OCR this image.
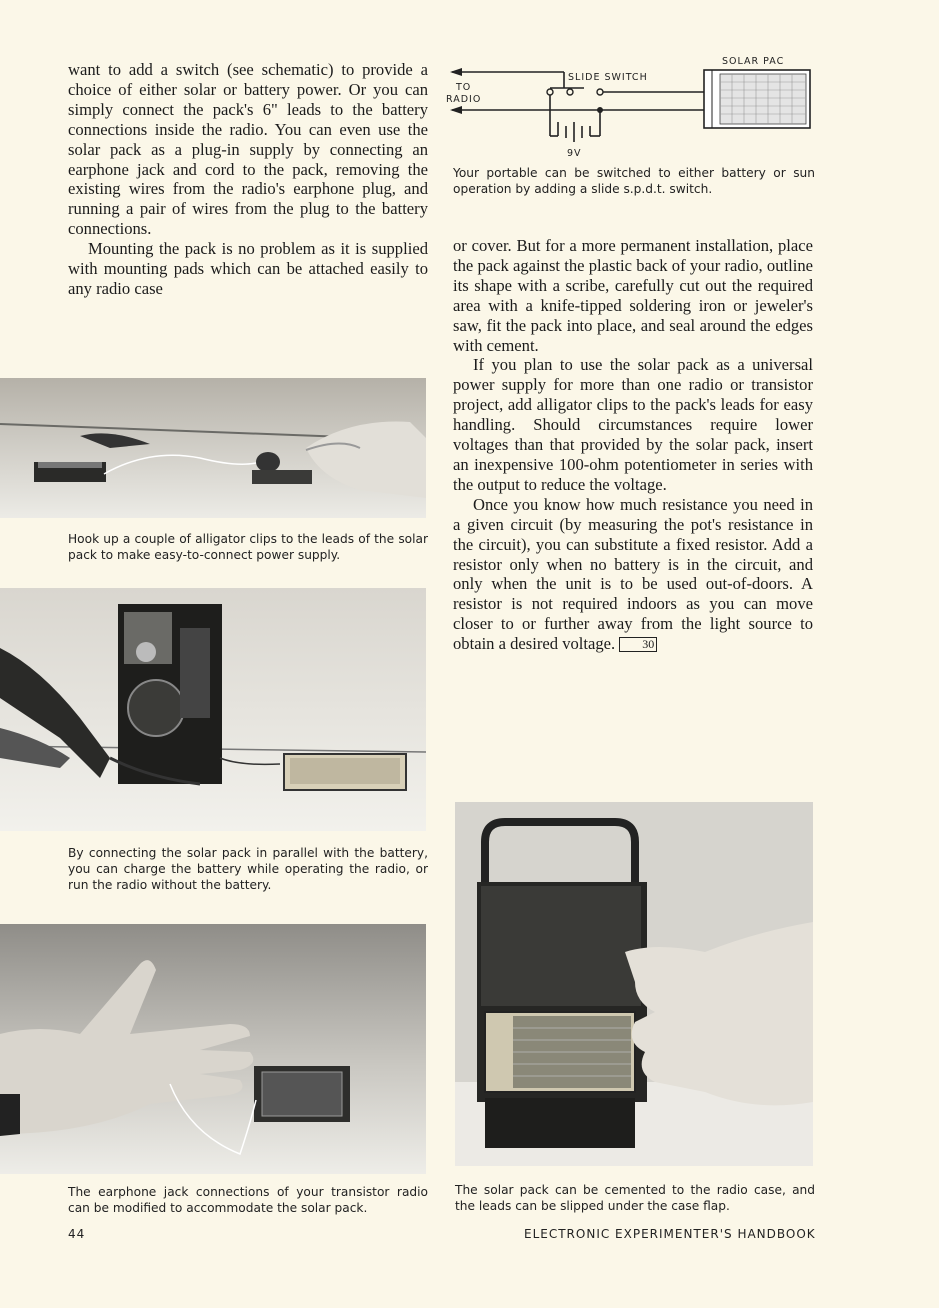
want to add a switch (see schematic) to provide a choice of either solar or battery power. Or you can simply connect the pack's 6" leads to the battery connections inside the radio. You can even use the solar pack as a plug-in supply by connecting an earphone jack and cord to the pack, removing the existing wires from the radio's earphone plug, and running a pair of wires from the plug to the battery connections.

Mounting the pack is no problem as it is supplied with mounting pads which can be attached easily to any radio case

TO
RADIO
SLIDE SWITCH
SOLAR PAC
9V

Your portable can be switched to either battery or sun operation by adding a slide s.p.d.t. switch.

or cover. But for a more permanent installation, place the pack against the plastic back of your radio, outline its shape with a scribe, carefully cut out the required area with a knife-tipped soldering iron or jeweler's saw, fit the pack into place, and seal around the edges with cement.

If you plan to use the solar pack as a universal power supply for more than one radio or transistor project, add alligator clips to the pack's leads for easy handling. Should circumstances require lower voltages than that provided by the solar pack, insert an inexpensive 100-ohm potentiometer in series with the output to reduce the voltage.

Once you know how much resistance you need in a given circuit (by measuring the pot's resistance in the circuit), you can substitute a fixed resistor. Add a resistor only when no battery is in the circuit, and only when the unit is to be used out-of-doors. A resistor is not required indoors as you can move closer to or further away from the light source to obtain a desired voltage. 30

Hook up a couple of alligator clips to the leads of the solar pack to make easy-to-connect power supply.

By connecting the solar pack in parallel with the battery, you can charge the battery while operating the radio, or run the radio without the battery.

The earphone jack connections of your transistor radio can be modified to accommodate the solar pack.

The solar pack can be cemented to the radio case, and the leads can be slipped under the case flap.

44	ELECTRONIC EXPERIMENTER'S HANDBOOK
